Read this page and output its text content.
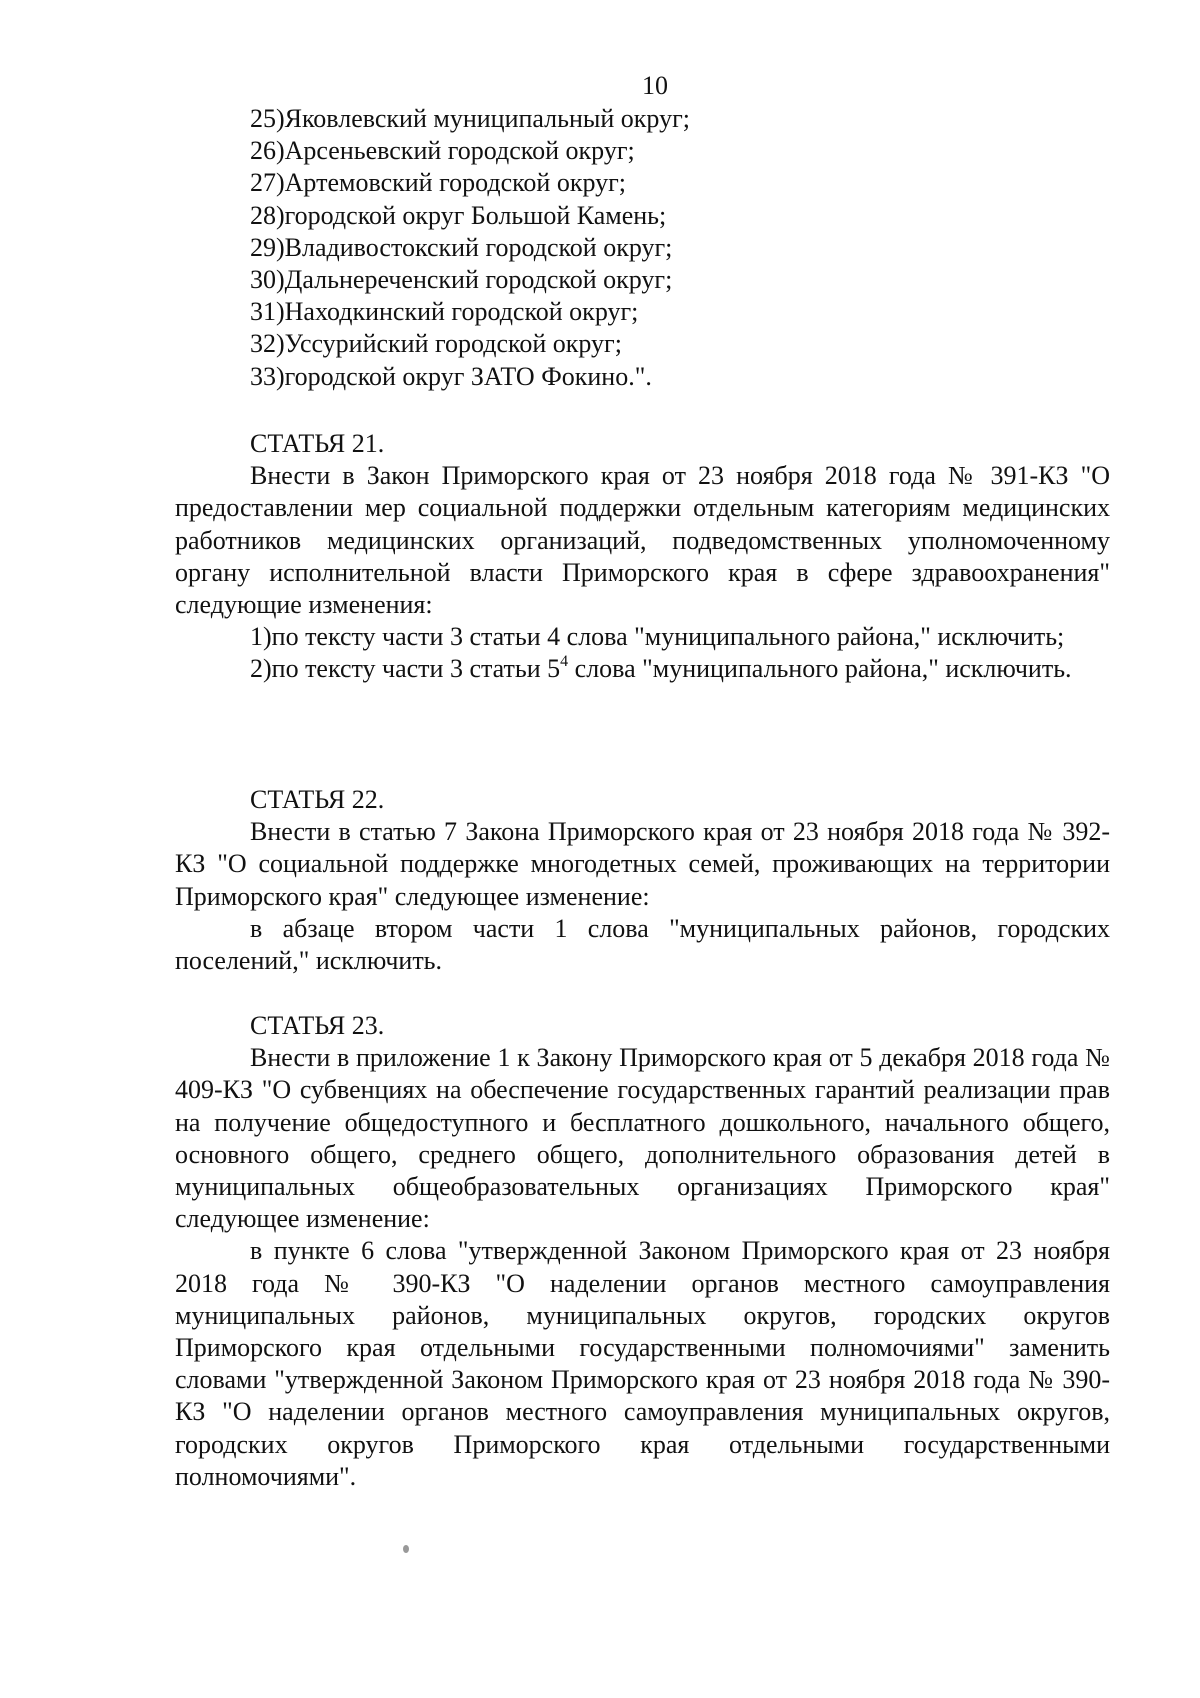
10
25)Яковлевский муниципальный округ;
26)Арсеньевский городской округ;
27)Артемовский городской округ;
28)городской округ Большой Камень;
29)Владивостокский городской округ;
30)Дальнереченский городской округ;
31)Находкинский городской округ;
32)Уссурийский городской округ;
33)городской округ ЗАТО Фокино.".
СТАТЬЯ 21.

Внести в Закон Приморского края от 23 ноября 2018 года № 391-КЗ "О предоставлении мер социальной поддержки отдельным категориям медицинских работников медицинских организаций, подведомственных уполномоченному органу исполнительной власти Приморского края в сфере здравоохранения" следующие изменения:

1)по тексту части 3 статьи 4 слова "муниципального района," исключить;

2)по тексту части 3 статьи $5^4$ слова "муниципального района," исключить.

СТАТЬЯ 22.

Внести в статью 7 Закона Приморского края от 23 ноября 2018 года № 392-КЗ "О социальной поддержке многодетных семей, проживающих на территории Приморского края" следующее изменение:

в абзаце втором части 1 слова "муниципальных районов, городских поселений," исключить.

СТАТЬЯ 23.

Внести в приложение 1 к Закону Приморского края от 5 декабря 2018 года № 409-КЗ "О субвенциях на обеспечение государственных гарантий реализации прав на получение общедоступного и бесплатного дошкольного, начального общего, основного общего, среднего общего, дополнительного образования детей в муниципальных общеобразовательных организациях Приморского края" следующее изменение:

в пункте 6 слова "утвержденной Законом Приморского края от 23 ноября 2018 года № 390-КЗ "О наделении органов местного самоуправления муниципальных районов, муниципальных округов, городских округов Приморского края отдельными государственными полномочиями" заменить словами "утвержденной Законом Приморского края от 23 ноября 2018 года № 390-КЗ "О наделении органов местного самоуправления муниципальных округов, городских округов Приморского края отдельными государственными полномочиями".
